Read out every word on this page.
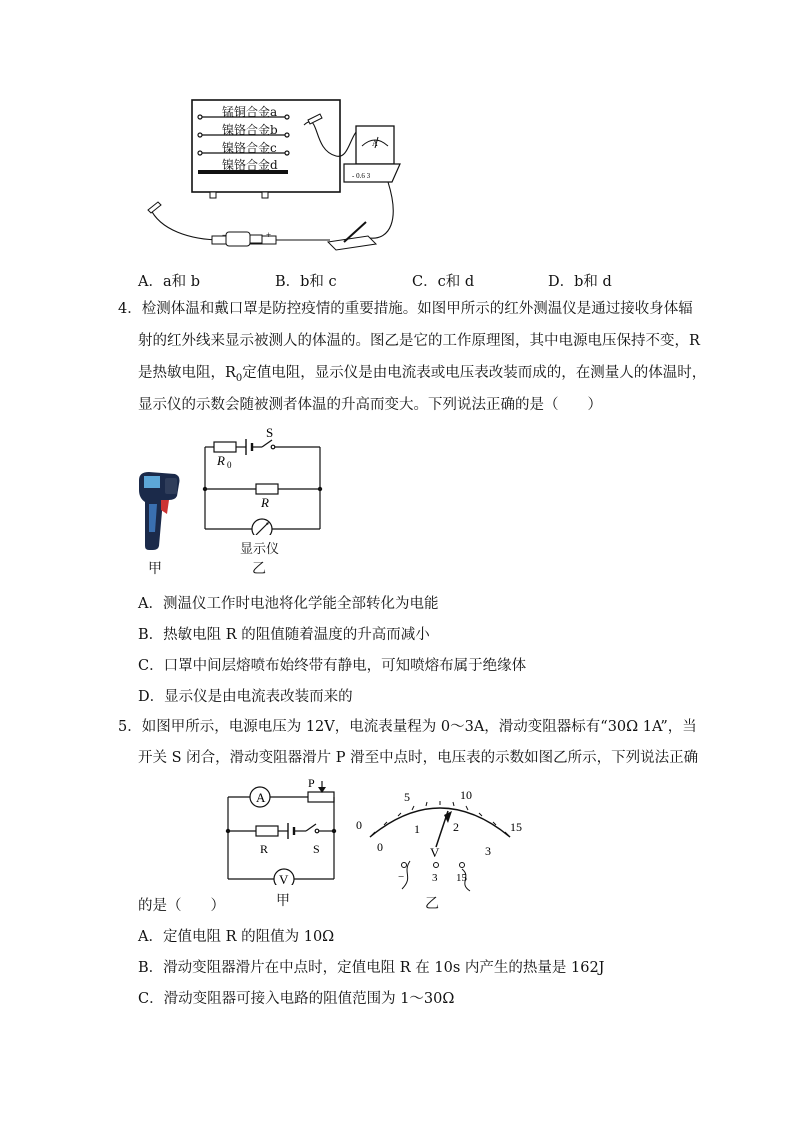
A
- 0.6 3
−	+
锰铜合金a
镍铬合金b
镍铬合金c
镍铬合金d
A．a和 b	B．b和 c	C．c和 d	D．b和 d
4．检测体温和戴口罩是防控疫情的重要措施。如图甲所示的红外测温仪是通过接收身体辐
射的红外线来显示被测人的体温的。图乙是它的工作原理图，其中电源电压保持不变，R
是热敏电阻，$R_0$定值电阻，显示仪是由电流表或电压表改装而成的，在测量人的体温时，
显示仪的示数会随被测者体温的升高而变大。下列说法正确的是（　　）
甲
S
R 0
R
显示仪
乙
A．测温仪工作时电池将化学能全部转化为电能
B．热敏电阻 R 的阻值随着温度的升高而减小
C．口罩中间层熔喷布始终带有静电，可知喷熔布属于绝缘体
D．显示仪是由电流表改装而来的
5．如图甲所示，电源电压为 12V，电流表量程为 0～3A，滑动变阻器标有“30Ω 1A”，当
开关 S 闭合，滑动变阻器滑片 P 滑至中点时，电压表的示数如图乙所示，下列说法正确
A
V
P
R	S
甲
0
5	10
15
0
1	2
3
V
−	3 15
乙
的是（　　）
A．定值电阻 R 的阻值为 10Ω
B．滑动变阻器滑片在中点时，定值电阻 R 在 10s 内产生的热量是 162J
C．滑动变阻器可接入电路的阻值范围为 1～30Ω
